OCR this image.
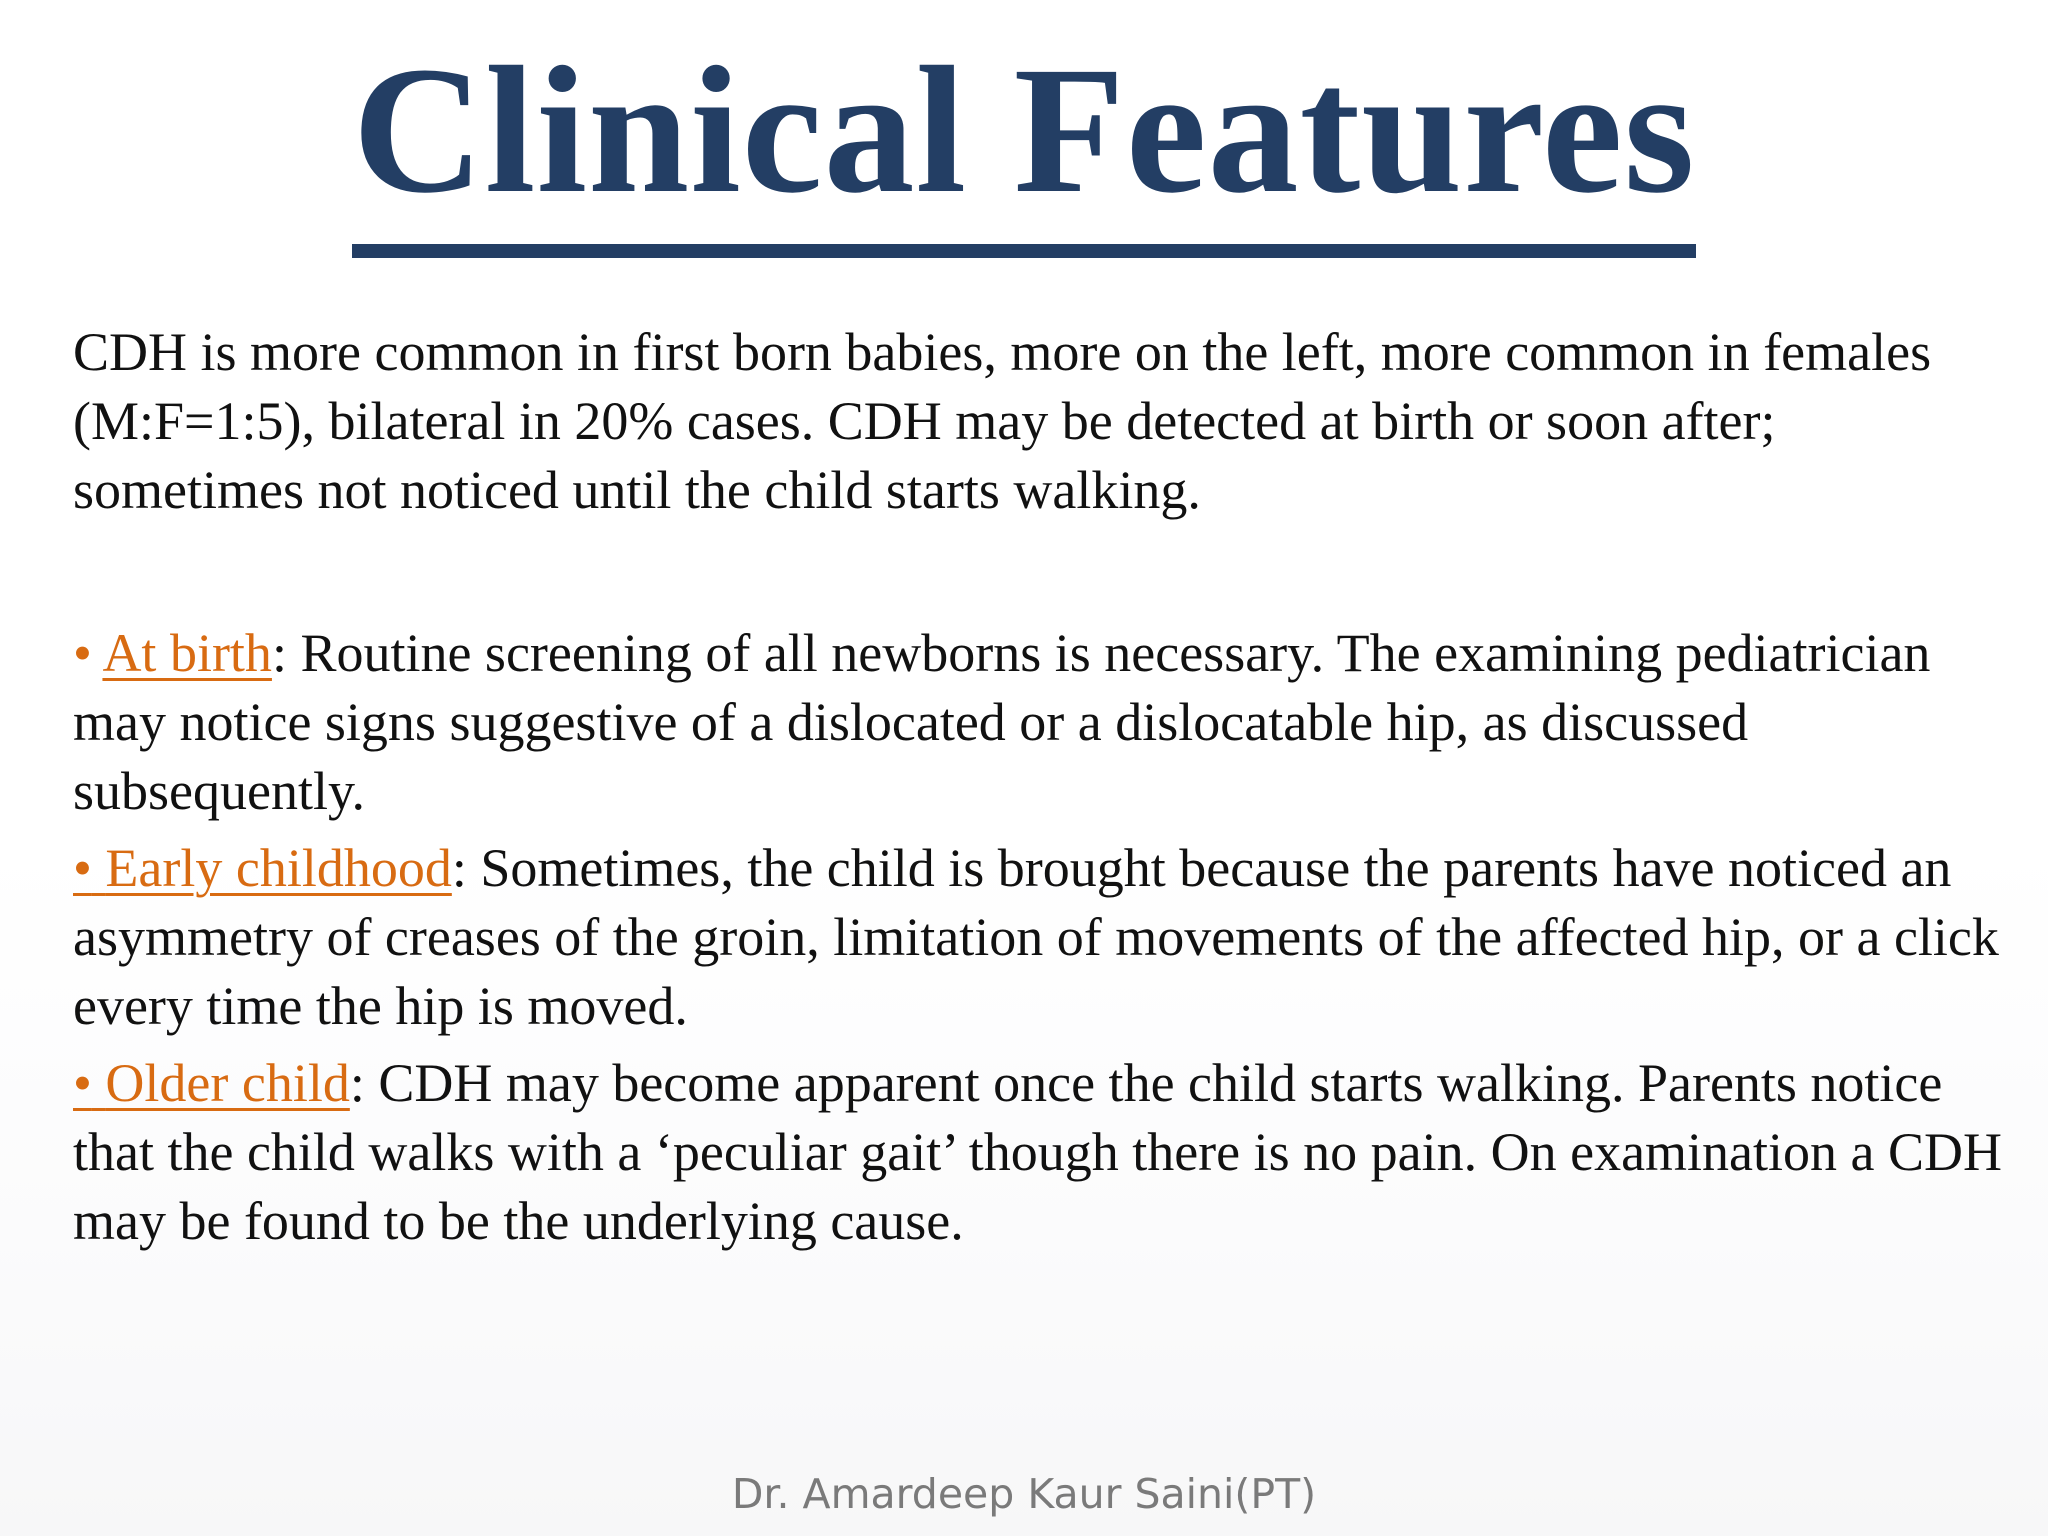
Clinical Features

CDH is more common in first born babies, more on the left, more common in females (M:F=1:5), bilateral in 20% cases. CDH may be detected at birth or soon after; sometimes not noticed until the child starts walking.

• At birth: Routine screening of all newborns is necessary. The examining pediatrician may notice signs suggestive of a dislocated or a dislocatable hip, as discussed subsequently.

• Early childhood: Sometimes, the child is brought because the parents have noticed an asymmetry of creases of the groin, limitation of movements of the affected hip, or a click every time the hip is moved.

• Older child: CDH may become apparent once the child starts walking. Parents notice that the child walks with a ‘peculiar gait’ though there is no pain. On examination a CDH may be found to be the underlying cause.

Dr. Amardeep Kaur Saini(PT)
